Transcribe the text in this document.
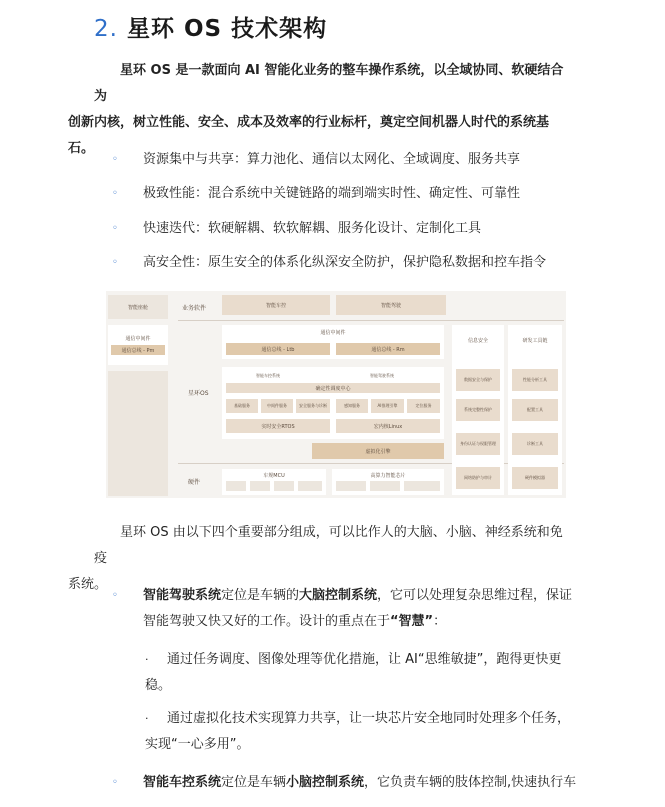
2. 星环 OS 技术架构

星环 OS 是一款面向 AI 智能化业务的整车操作系统，以全域协同、软硬结合为
创新内核，树立性能、安全、成本及效率的行业标杆，奠定空间机器人时代的系统基
石。

◦ 资源集中与共享：算力池化、通信以太网化、全域调度、服务共享
◦ 极致性能：混合系统中关键链路的端到端实时性、确定性、可靠性
◦ 快速迭代：软硬解耦、软软解耦、服务化设计、定制化工具
◦ 高安全性：原生安全的体系化纵深安全防护，保护隐私数据和控车指令
智能座舱
通信中间件
通信总线 - Pm
业务软件
星环OS
硬件
智能车控	智能驾驶
通信中间件
通信总线 - Ltb	通信总线 - Rm
智能车控系统	智能驾驶系统
确定性调度中心
基础服务	中间件服务	安全服务与诊断	感知服务	AI推理引擎	定位服务
实时安全RTOS	宏内核Linux
虚拟化引擎
信息安全
数据安全与保护
系统完整性保护
身份认证与权限管理
网络防护与审计
研发工具链
性能分析工具
配置工具
诊断工具
硬件模拟器
车规MCU	高算力智能芯片

星环 OS 由以下四个重要部分组成，可以比作人的大脑、小脑、神经系统和免疫
系统。

◦ 智能驾驶系统定位是车辆的大脑控制系统，它可以处理复杂思维过程，保证
智能驾驶又快又好的工作。设计的重点在于“智慧”：
· 通过任务调度、图像处理等优化措施，让 AI“思维敏捷”，跑得更快更
稳。
· 通过虚拟化技术实现算力共享，让一块芯片安全地同时处理多个任务，
实现“一心多用”。
◦ 智能车控系统定位是车辆小脑控制系统，它负责车辆的肢体控制,快速执行车
